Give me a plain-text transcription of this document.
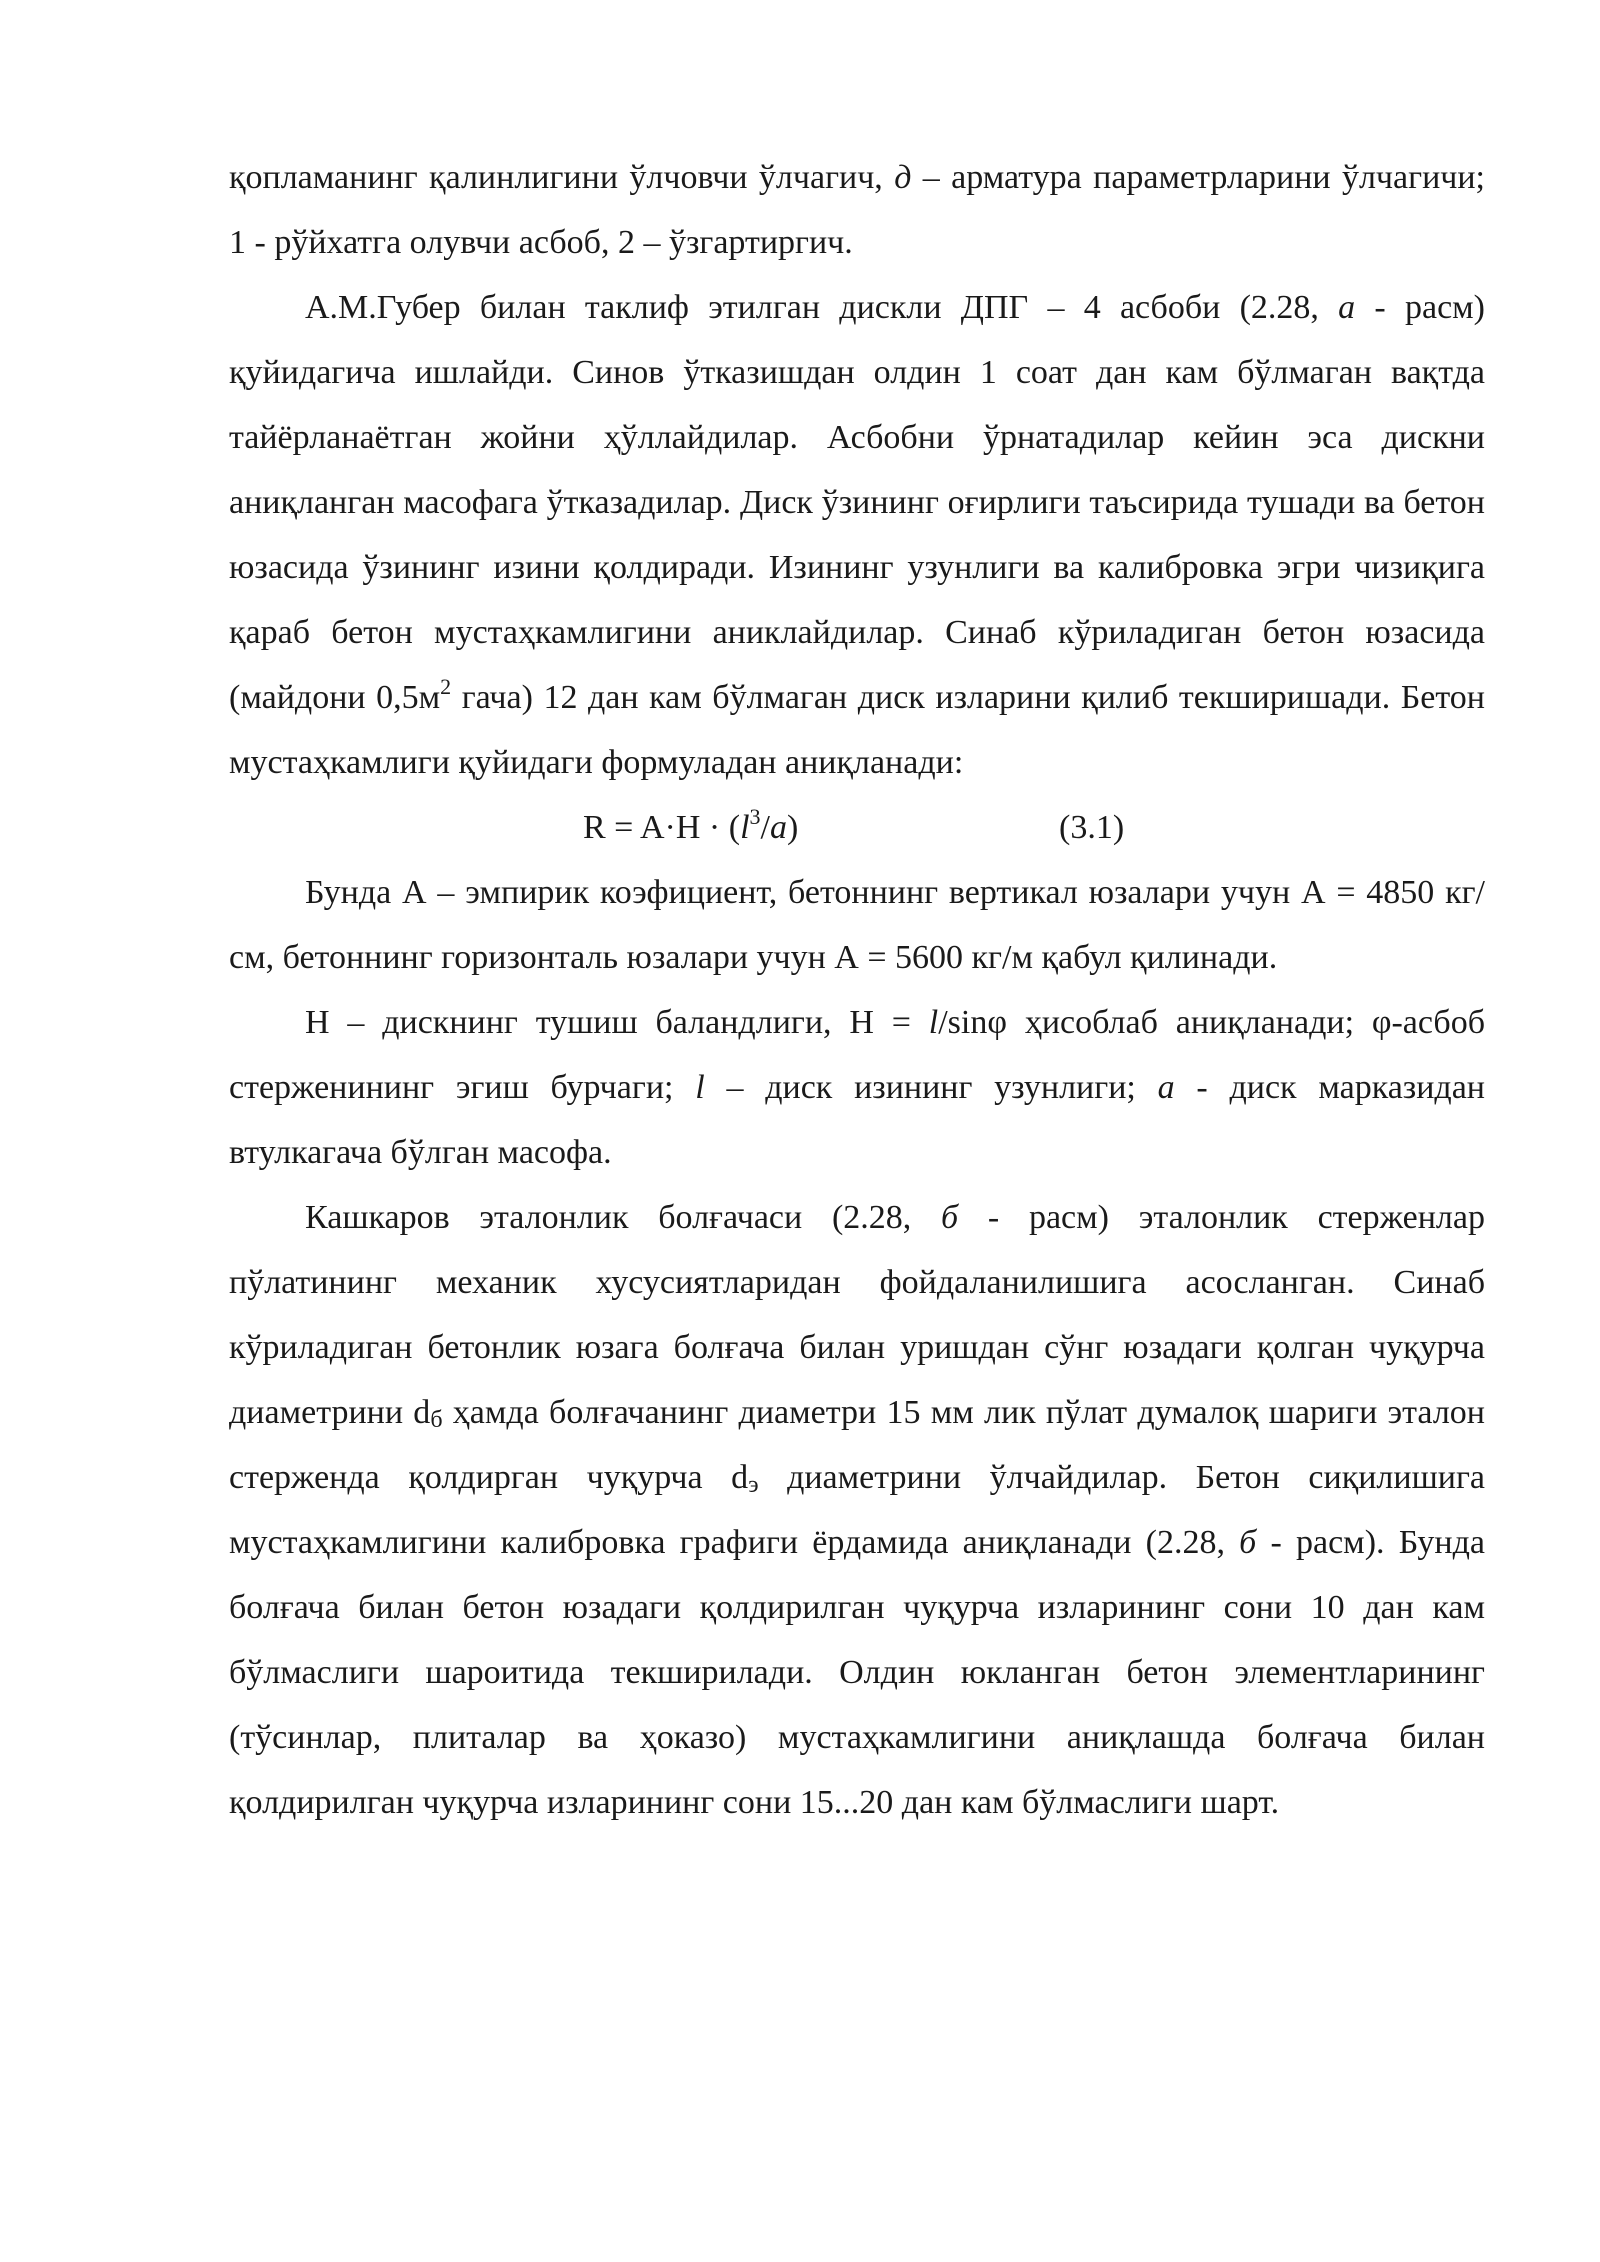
қопламанинг қалинлигини ўлчовчи ўлчагич, д – арматура параметрларини ўлчагичи; 1 - рўйхатга олувчи асбоб, 2 – ўзгартиргич.

А.М.Губер билан таклиф этилган дискли ДПГ – 4 асбоби (2.28, а - расм) қуйидагича ишлайди. Синов ўтказишдан олдин 1 соат дан кам бўлмаган вақтда тайёрланаётган жойни ҳўллайдилар. Асбобни ўрнатадилар кейин эса дискни аниқланган масофага ўтказадилар. Диск ўзининг оғирлиги таъсирида тушади ва бетон юзасида ўзининг изини қолдиради. Изининг узунлиги ва калибровка эгри чизиқига қараб бетон мустаҳкамлигини аниклайдилар. Синаб кўриладиган бетон юзасида (майдони $0,5м^2$ гача) 12 дан кам бўлмаган диск изларини қилиб текширишади. Бетон мустаҳкамлиги қуйидаги формуладан аниқланади:

$R = A\cdot H \cdot (l^3/a)$	(3.1)

Бунда А – эмпирик коэфициент, бетоннинг вертикал юзалари учун А = 4850 кг/см, бетоннинг горизонталь юзалари учун А = 5600 кг/м қабул қилинади.

Н – дискнинг тушиш баландлиги, Н = l/sinφ ҳисоблаб аниқланади; φ-асбоб стерженининг эгиш бурчаги; l – диск изининг узунлиги; а - диск марказидан втулкагача бўлган масофа.

Кашкаров эталонлик болғачаси (2.28, б - расм) эталонлик стерженлар пўлатининг механик хусусиятларидан фойдаланилишига асосланган. Синаб кўриладиган бетонлик юзага болғача билан уришдан сўнг юзадаги қолган чуқурча диаметрини $d_б$ ҳамда болғачанинг диаметри 15 мм лик пўлат думалоқ шариги эталон стерженда қолдирган чуқурча $d_э$ диаметрини ўлчайдилар. Бетон сиқилишига мустаҳкамлигини калибровка графиги ёрдамида аниқланади (2.28, б - расм). Бунда болғача билан бетон юзадаги қолдирилган чуқурча изларининг сони 10 дан кам бўлмаслиги шароитида текширилади. Олдин юкланган бетон элементларининг (тўсинлар, плиталар ва ҳоказо) мустаҳкамлигини аниқлашда болғача билан қолдирилган чуқурча изларининг сони 15...20 дан кам бўлмаслиги шарт.
